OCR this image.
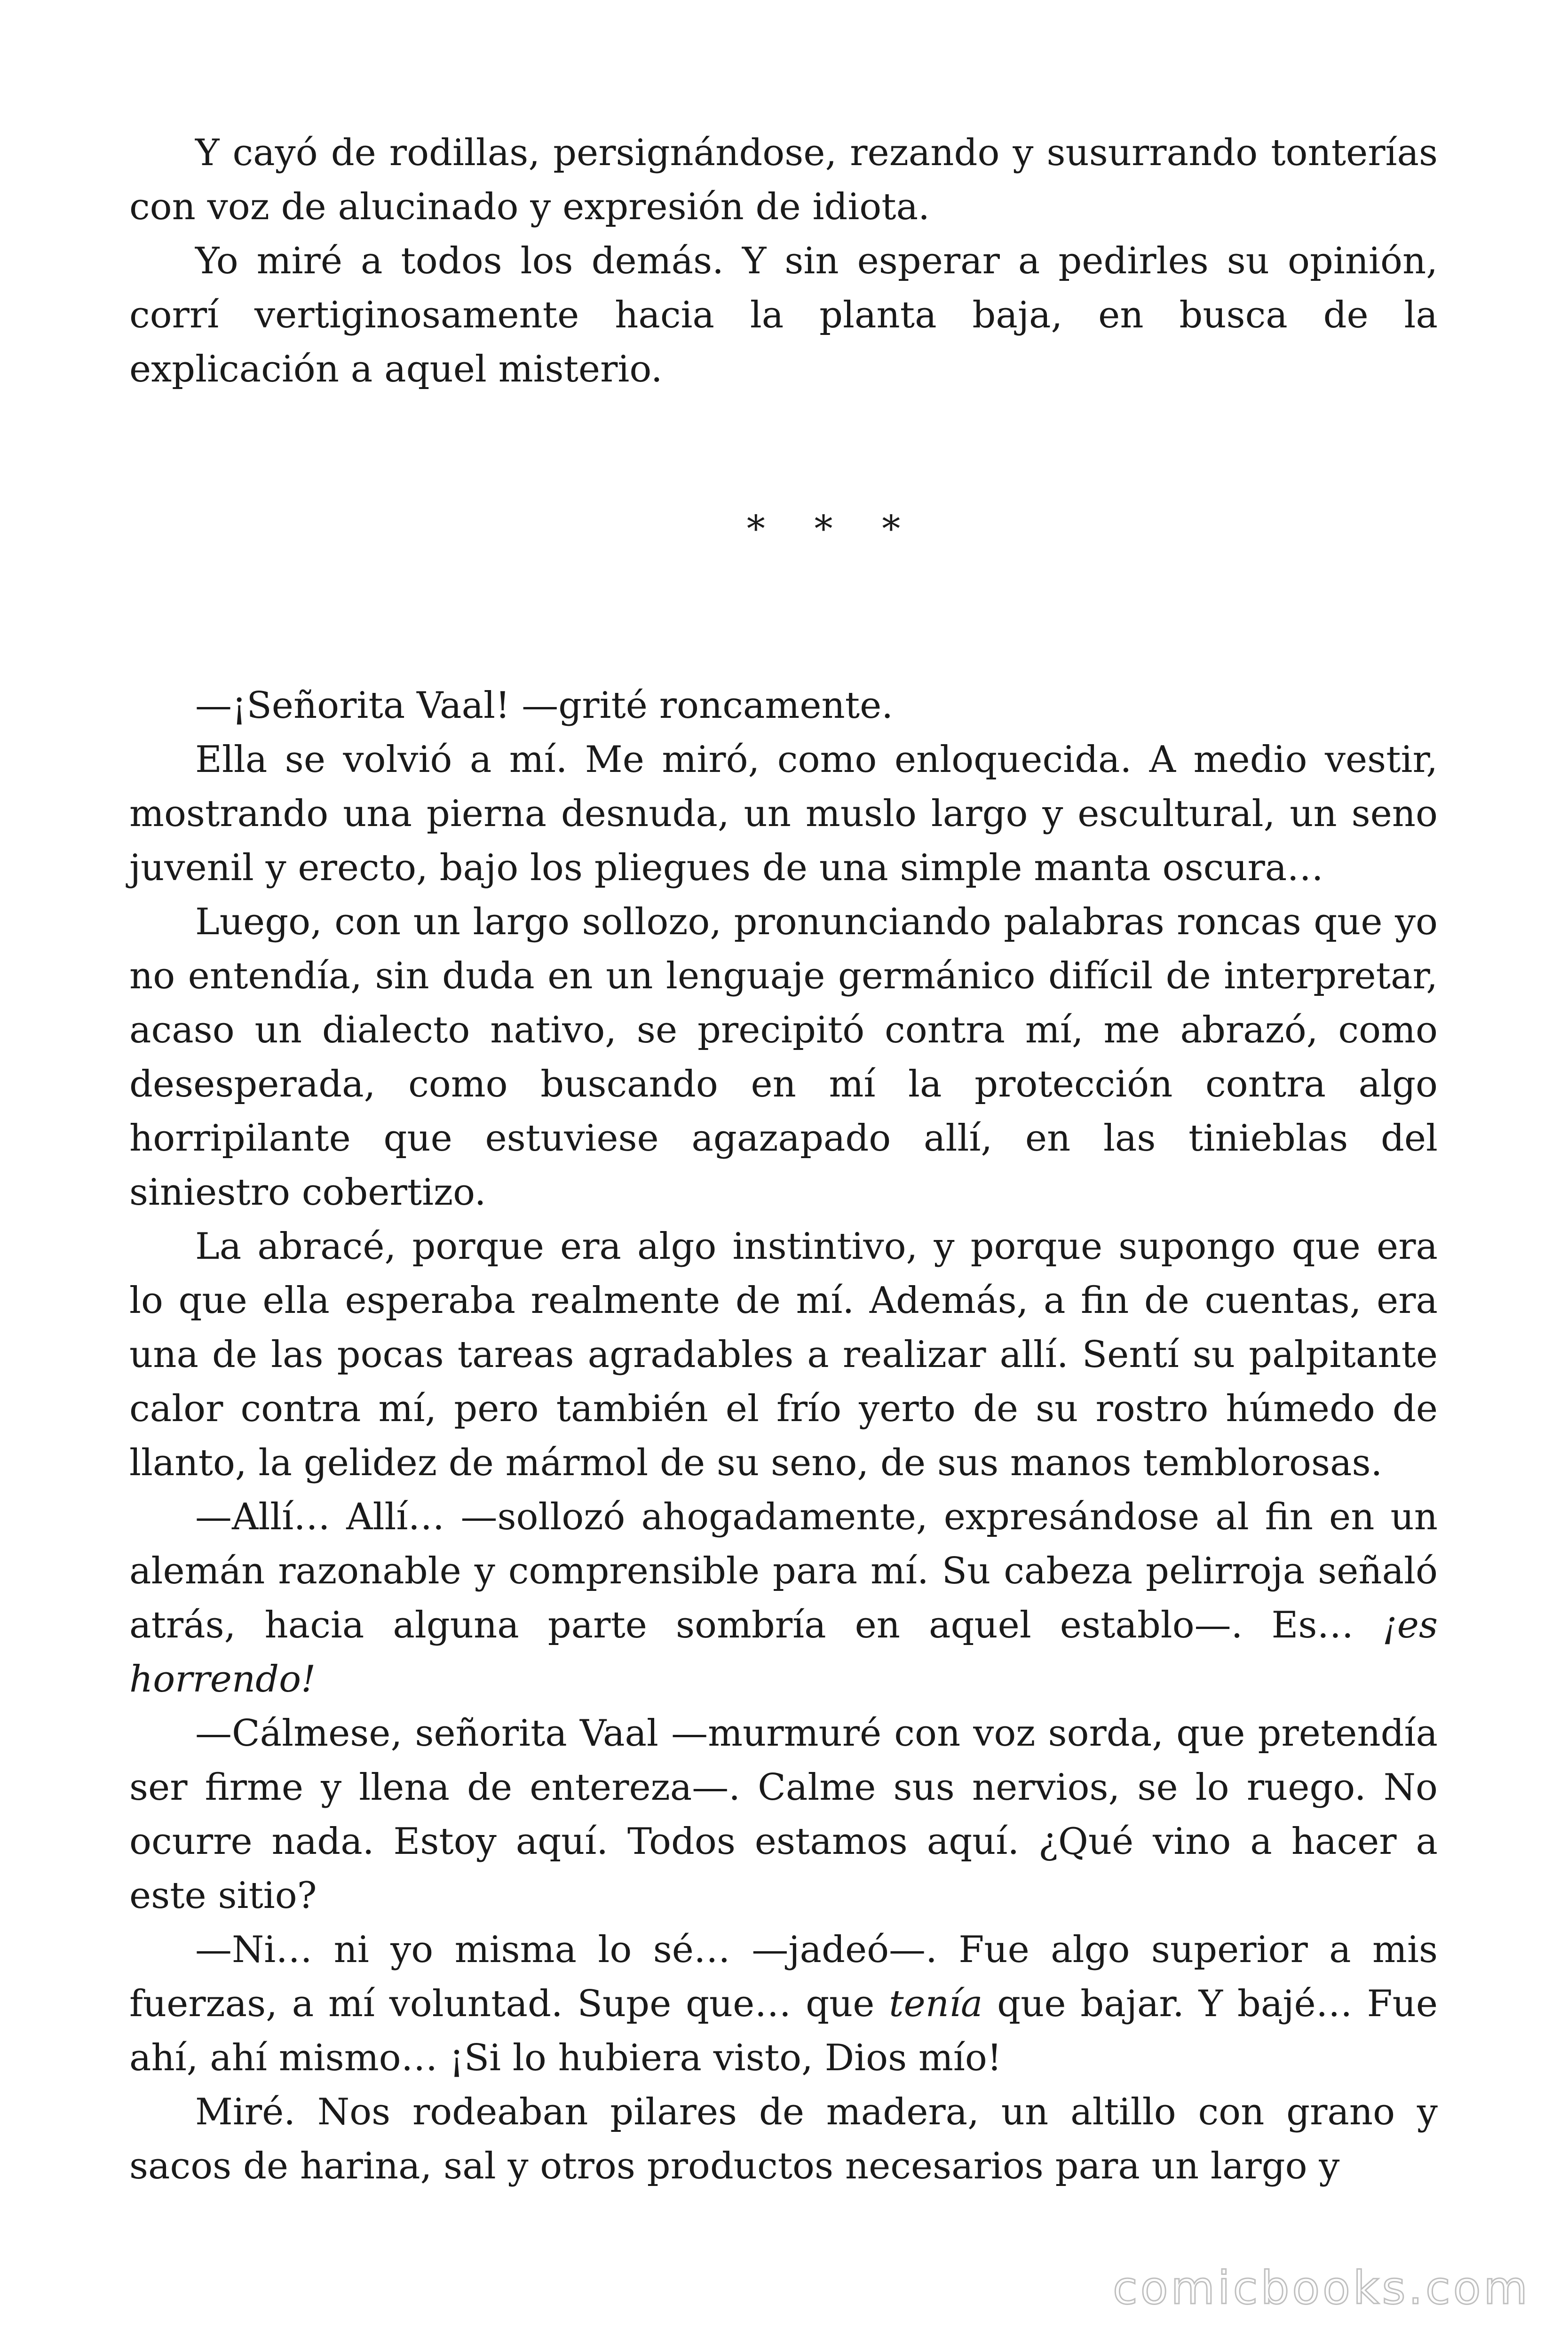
Y cayó de rodillas, persignándose, rezando y susurrando tonterías con voz de alucinado y expresión de idiota.

Yo miré a todos los demás. Y sin esperar a pedirles su opinión, corrí vertiginosamente hacia la planta baja, en busca de la explicación a aquel misterio.

* * *

—¡Señorita Vaal! —grité roncamente.

Ella se volvió a mí. Me miró, como enloquecida. A medio vestir, mostrando una pierna desnuda, un muslo largo y escultural, un seno juvenil y erecto, bajo los pliegues de una simple manta oscura…

Luego, con un largo sollozo, pronunciando palabras roncas que yo no entendía, sin duda en un lenguaje germánico difícil de interpretar, acaso un dialecto nativo, se precipitó contra mí, me abrazó, como desesperada, como buscando en mí la protección contra algo horripilante que estuviese agazapado allí, en las tinieblas del siniestro cobertizo.

La abracé, porque era algo instintivo, y porque supongo que era lo que ella esperaba realmente de mí. Además, a fin de cuentas, era una de las pocas tareas agradables a realizar allí. Sentí su palpitante calor contra mí, pero también el frío yerto de su rostro húmedo de llanto, la gelidez de mármol de su seno, de sus manos temblorosas.

—Allí… Allí… —sollozó ahogadamente, expresándose al fin en un alemán razonable y comprensible para mí. Su cabeza pelirroja señaló atrás, hacia alguna parte sombría en aquel establo—. Es… ¡es horrendo!

—Cálmese, señorita Vaal —murmuré con voz sorda, que pretendía ser firme y llena de entereza—. Calme sus nervios, se lo ruego. No ocurre nada. Estoy aquí. Todos estamos aquí. ¿Qué vino a hacer a este sitio?

—Ni… ni yo misma lo sé… —jadeó—. Fue algo superior a mis fuerzas, a mí voluntad. Supe que… que tenía que bajar. Y bajé… Fue ahí, ahí mismo… ¡Si lo hubiera visto, Dios mío!

Miré. Nos rodeaban pilares de madera, un altillo con grano y sacos de harina, sal y otros productos necesarios para un largo y

comicbooks.com
